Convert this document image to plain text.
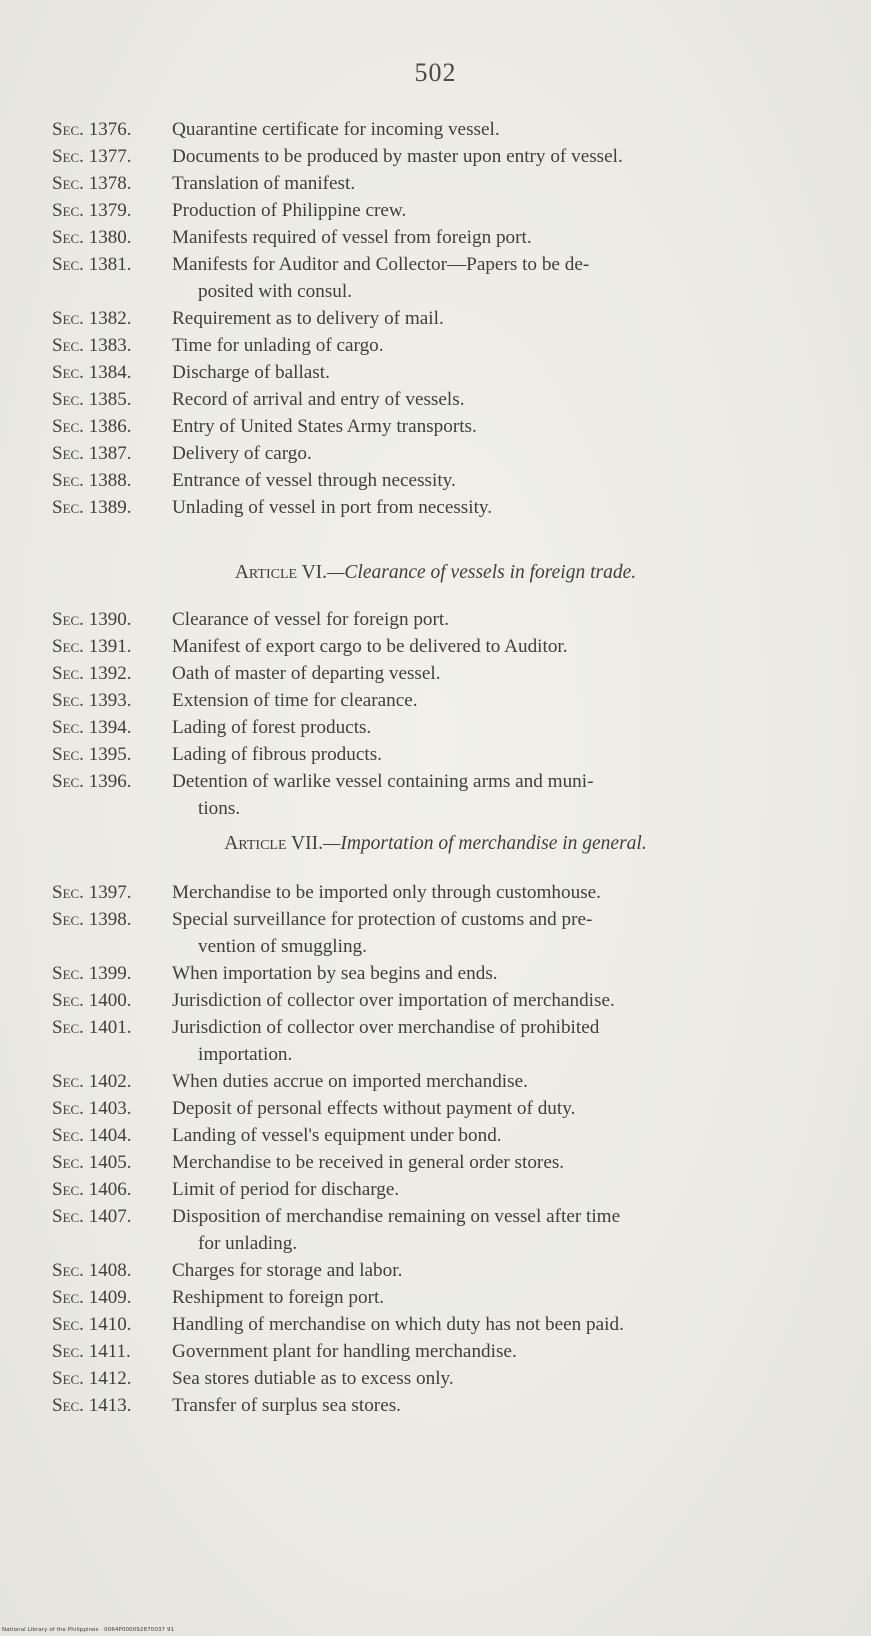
502
Sec. 1376.	Quarantine certificate for incoming vessel.
Sec. 1377.	Documents to be produced by master upon entry of vessel.
Sec. 1378.	Translation of manifest.
Sec. 1379.	Production of Philippine crew.
Sec. 1380.	Manifests required of vessel from foreign port.
Sec. 1381.	Manifests for Auditor and Collector—Papers to be de-
posited with consul.
Sec. 1382.	Requirement as to delivery of mail.
Sec. 1383.	Time for unlading of cargo.
Sec. 1384.	Discharge of ballast.
Sec. 1385.	Record of arrival and entry of vessels.
Sec. 1386.	Entry of United States Army transports.
Sec. 1387.	Delivery of cargo.
Sec. 1388.	Entrance of vessel through necessity.
Sec. 1389.	Unlading of vessel in port from necessity.
Article VI.—Clearance of vessels in foreign trade.
Sec. 1390.	Clearance of vessel for foreign port.
Sec. 1391.	Manifest of export cargo to be delivered to Auditor.
Sec. 1392.	Oath of master of departing vessel.
Sec. 1393.	Extension of time for clearance.
Sec. 1394.	Lading of forest products.
Sec. 1395.	Lading of fibrous products.
Sec. 1396.	Detention of warlike vessel containing arms and muni-
tions.
Article VII.—Importation of merchandise in general.
Sec. 1397.	Merchandise to be imported only through customhouse.
Sec. 1398.	Special surveillance for protection of customs and pre-
vention of smuggling.
Sec. 1399.	When importation by sea begins and ends.
Sec. 1400.	Jurisdiction of collector over importation of merchandise.
Sec. 1401.	Jurisdiction of collector over merchandise of prohibited
importation.
Sec. 1402.	When duties accrue on imported merchandise.
Sec. 1403.	Deposit of personal effects without payment of duty.
Sec. 1404.	Landing of vessel's equipment under bond.
Sec. 1405.	Merchandise to be received in general order stores.
Sec. 1406.	Limit of period for discharge.
Sec. 1407.	Disposition of merchandise remaining on vessel after time
for unlading.
Sec. 1408.	Charges for storage and labor.
Sec. 1409.	Reshipment to foreign port.
Sec. 1410.	Handling of merchandise on which duty has not been paid.
Sec. 1411.	Government plant for handling merchandise.
Sec. 1412.	Sea stores dutiable as to excess only.
Sec. 1413.	Transfer of surplus sea stores.
National Library of the Philippines · 0064P000092870037 91
